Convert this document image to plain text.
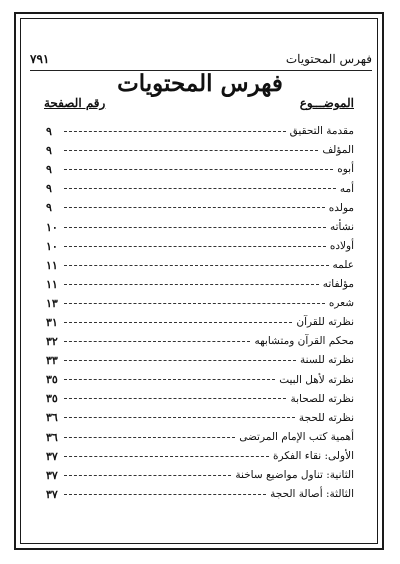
٧٩١	فهرس المحتويات
فهرس المحتويات
الموضـــوع
رقم الصفحة
مقدمة التحقيق
٩
المؤلف
٩
أبوه
٩
أمه
٩
مولده
٩
نشأته
١٠
أولاده
١٠
علمه
١١
مؤلفاته
١١
شعره
١٣
نظرته للقرآن
٣١
محكم القرآن ومتشابهه
٣٢
نظرته للسنة
٣٣
نظرته لأهل البيت
٣٥
نظرته للصحابة
٣٥
نظرته للحجة
٣٦
أهمية كتب الإمام المرتضى
٣٦
الأولى: نقاء الفكرة
٣٧
الثانية: تناول مواضيع ساخنة
٣٧
الثالثة: أصالة الحجة
٣٧
